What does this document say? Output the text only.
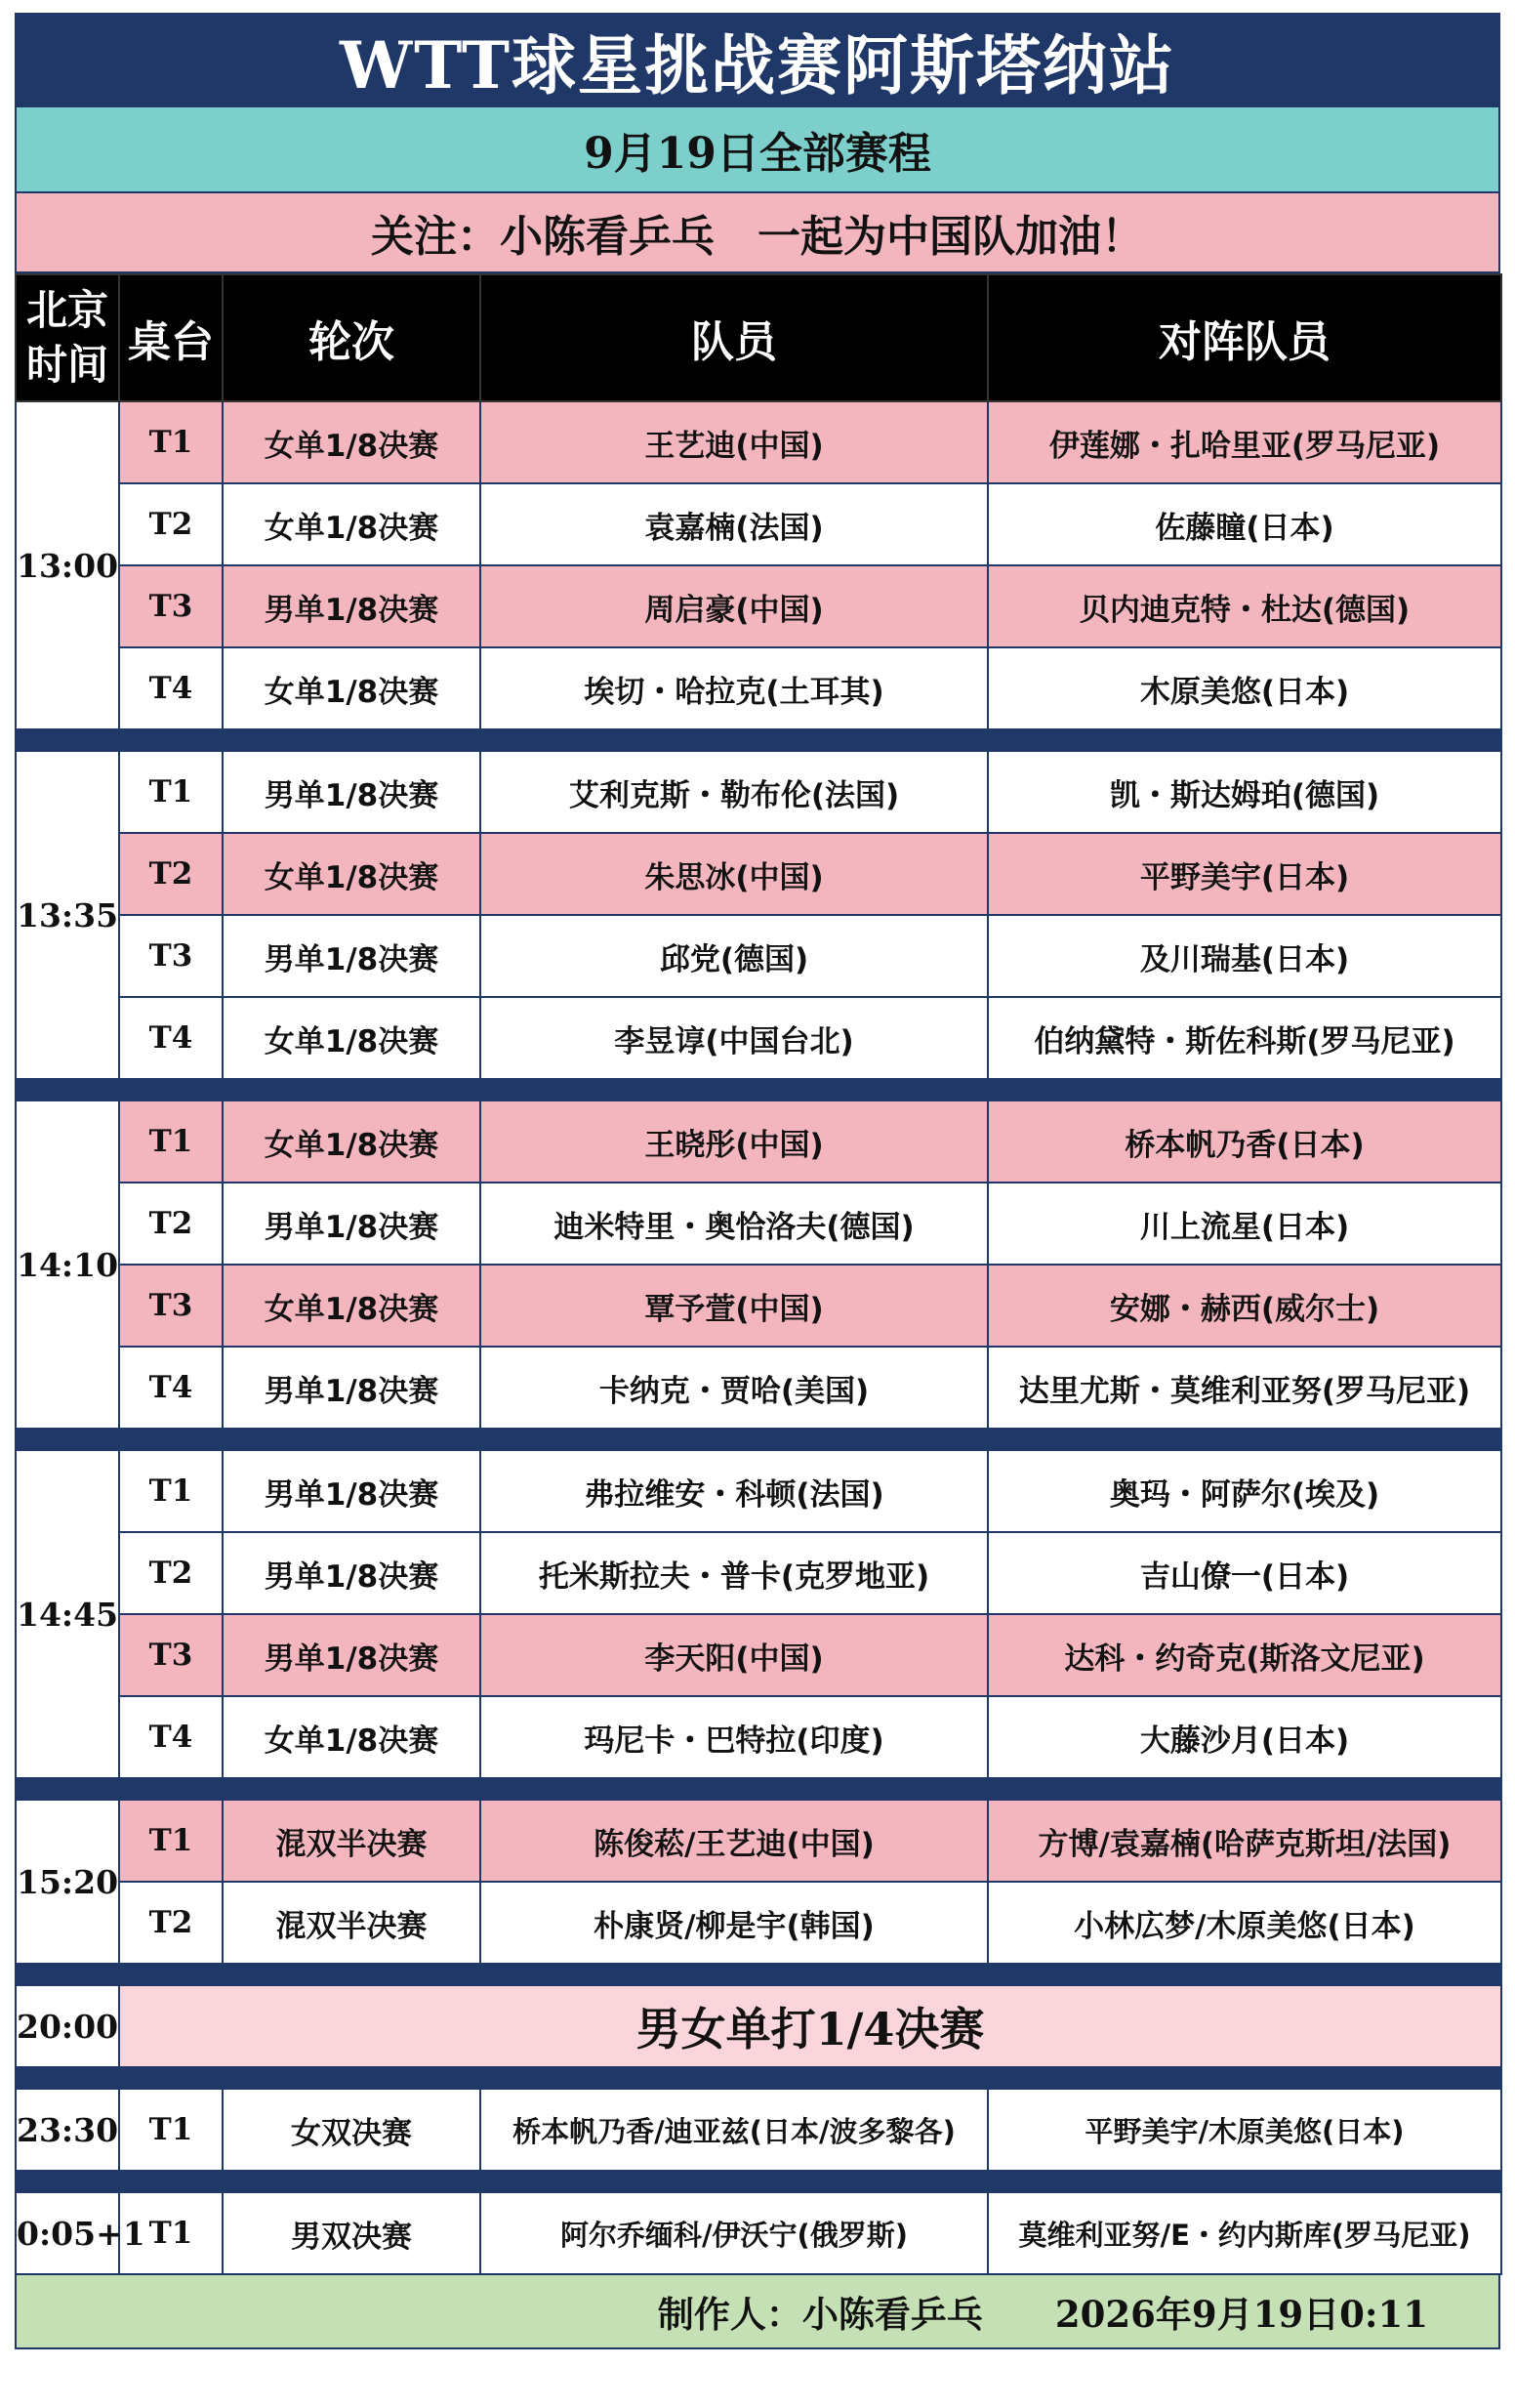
WTT球星挑战赛阿斯塔纳站
9月19日全部赛程
关注：小陈看乒乓　一起为中国队加油！
北京
时间	桌台	轮次	队员	对阵队员
13:00	T1	女单1/8决赛	王艺迪(中国)	伊莲娜・扎哈里亚(罗马尼亚)
	T2	女单1/8决赛	袁嘉楠(法国)	佐藤瞳(日本)
	T3	男单1/8决赛	周启豪(中国)	贝内迪克特・杜达(德国)
	T4	女单1/8决赛	埃切・哈拉克(土耳其)	木原美悠(日本)

13:35	T1	男单1/8决赛	艾利克斯・勒布伦(法国)	凯・斯达姆珀(德国)
	T2	女单1/8决赛	朱思冰(中国)	平野美宇(日本)
	T3	男单1/8决赛	邱党(德国)	及川瑞基(日本)
	T4	女单1/8决赛	李昱谆(中国台北)	伯纳黛特・斯佐科斯(罗马尼亚)

14:10	T1	女单1/8决赛	王晓彤(中国)	桥本帆乃香(日本)
	T2	男单1/8决赛	迪米特里・奥恰洛夫(德国)	川上流星(日本)
	T3	女单1/8决赛	覃予萱(中国)	安娜・赫西(威尔士)
	T4	男单1/8决赛	卡纳克・贾哈(美国)	达里尤斯・莫维利亚努(罗马尼亚)

14:45	T1	男单1/8决赛	弗拉维安・科顿(法国)	奥玛・阿萨尔(埃及)
	T2	男单1/8决赛	托米斯拉夫・普卡(克罗地亚)	吉山僚一(日本)
	T3	男单1/8决赛	李天阳(中国)	达科・约奇克(斯洛文尼亚)
	T4	女单1/8决赛	玛尼卡・巴特拉(印度)	大藤沙月(日本)

15:20	T1	混双半决赛	陈俊菘/王艺迪(中国)	方博/袁嘉楠(哈萨克斯坦/法国)
	T2	混双半决赛	朴康贤/柳是宇(韩国)	小林広梦/木原美悠(日本)

20:00	男女单打1/4决赛			

23:30	T1	女双决赛	桥本帆乃香/迪亚兹(日本/波多黎各)	平野美宇/木原美悠(日本)

0:05+1	T1	男双决赛	阿尔乔缅科/伊沃宁(俄罗斯)	莫维利亚努/E・约内斯库(罗马尼亚)
制作人：小陈看乒乓　　2026年9月19日0:11
